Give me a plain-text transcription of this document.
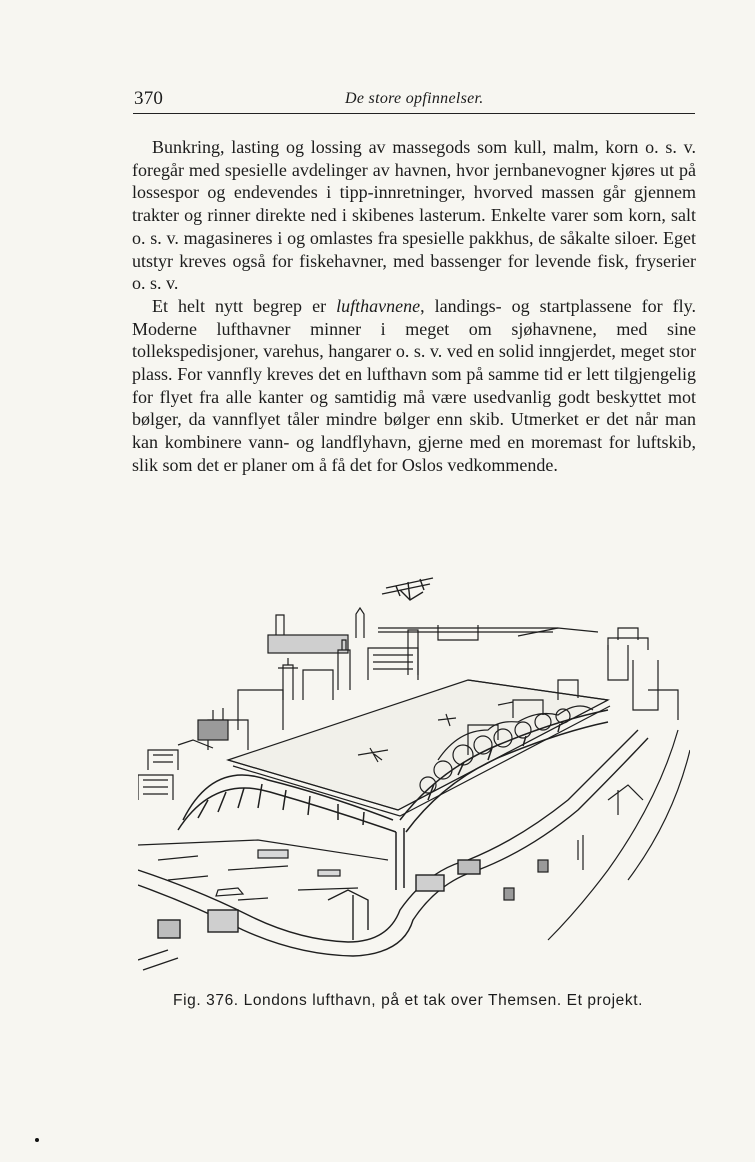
370	De store opfinnelser.

Bunkring, lasting og lossing av massegods som kull, malm, korn o. s. v. foregår med spesielle avdelinger av havnen, hvor jernbanevogner kjøres ut på lossespor og endevendes i tipp-innretninger, hvorved massen går gjennem trakter og rinner direkte ned i skibenes lasterum. Enkelte varer som korn, salt o. s. v. magasineres i og omlastes fra spesielle pakkhus, de såkalte siloer. Eget utstyr kreves også for fiskehavner, med bassenger for levende fisk, fryserier o. s. v.

Et helt nytt begrep er lufthavnene, landings- og startplassene for fly. Moderne lufthavner minner i meget om sjøhavnene, med sine tollekspedisjoner, varehus, hangarer o. s. v. ved en solid inngjerdet, meget stor plass. For vannfly kreves det en lufthavn som på samme tid er lett tilgjengelig for flyet fra alle kanter og samtidig må være usedvanlig godt beskyttet mot bølger, da vannflyet tåler mindre bølger enn skib. Utmerket er det når man kan kombinere vann- og landflyhavn, gjerne med en moremast for luftskib, slik som det er planer om å få det for Oslos vedkommende.

Fig. 376. Londons lufthavn, på et tak over Themsen. Et projekt.
